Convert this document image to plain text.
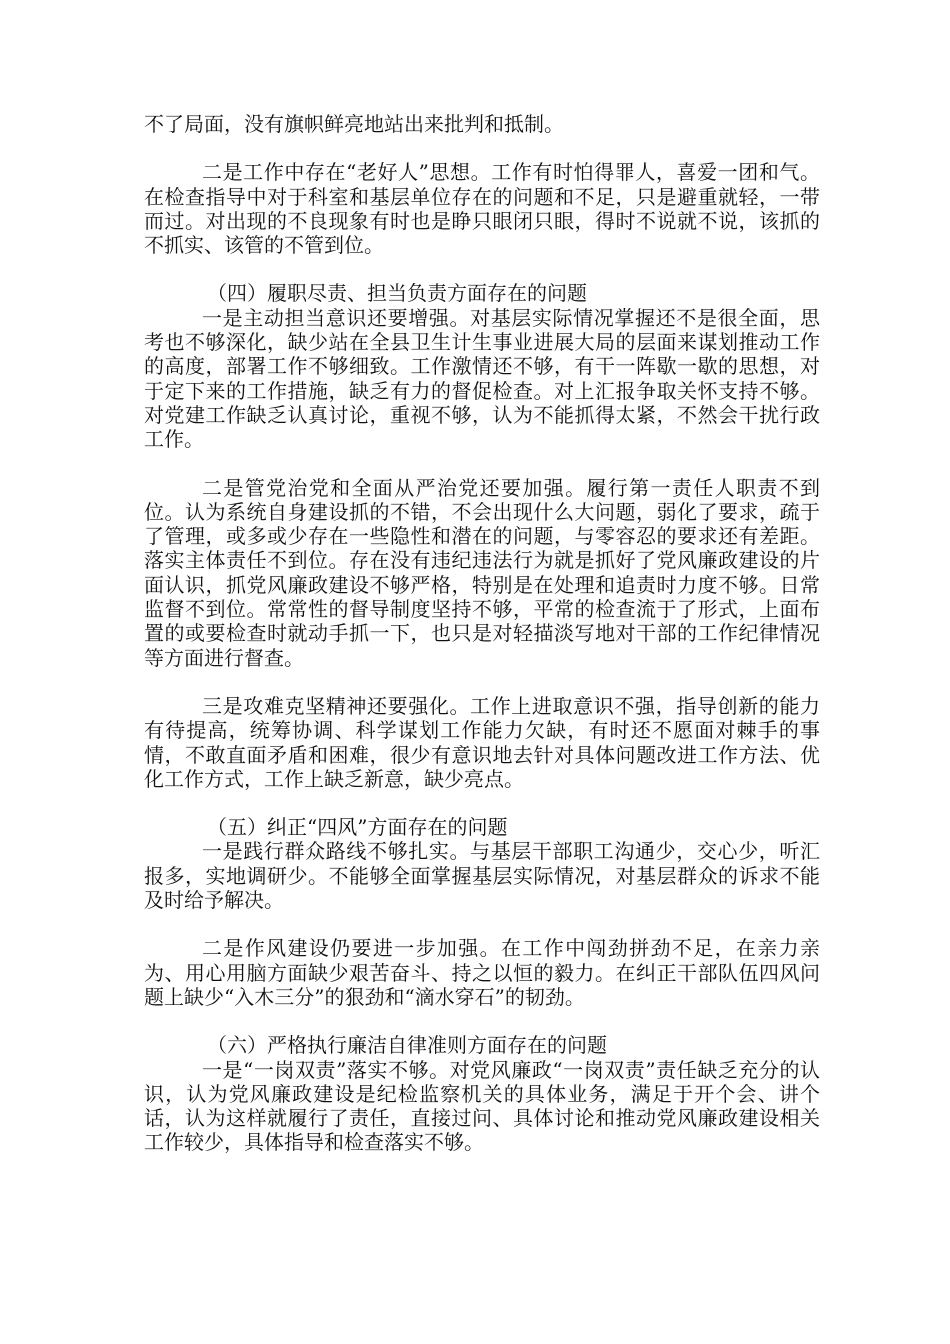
不了局面，没有旗帜鲜亮地站出来批判和抵制。

二是工作中存在“老好人”思想。工作有时怕得罪人，喜爱一团和气。在检查指导中对于科室和基层单位存在的问题和不足，只是避重就轻，一带而过。对出现的不良现象有时也是睁只眼闭只眼，得时不说就不说，该抓的不抓实、该管的不管到位。

（四）履职尽责、担当负责方面存在的问题

一是主动担当意识还要增强。对基层实际情况掌握还不是很全面，思考也不够深化，缺少站在全县卫生计生事业进展大局的层面来谋划推动工作的高度，部署工作不够细致。工作激情还不够，有干一阵歇一歇的思想，对于定下来的工作措施，缺乏有力的督促检查。对上汇报争取关怀支持不够。对党建工作缺乏认真讨论，重视不够，认为不能抓得太紧，不然会干扰行政工作。

二是管党治党和全面从严治党还要加强。履行第一责任人职责不到位。认为系统自身建设抓的不错，不会出现什么大问题，弱化了要求，疏于了管理，或多或少存在一些隐性和潜在的问题，与零容忍的要求还有差距。落实主体责任不到位。存在没有违纪违法行为就是抓好了党风廉政建设的片面认识，抓党风廉政建设不够严格，特别是在处理和追责时力度不够。日常监督不到位。常常性的督导制度坚持不够，平常的检查流于了形式，上面布置的或要检查时就动手抓一下，也只是对轻描淡写地对干部的工作纪律情况等方面进行督查。

三是攻难克坚精神还要强化。工作上进取意识不强，指导创新的能力有待提高，统筹协调、科学谋划工作能力欠缺，有时还不愿面对棘手的事情，不敢直面矛盾和困难，很少有意识地去针对具体问题改进工作方法、优化工作方式，工作上缺乏新意，缺少亮点。

（五）纠正“四风”方面存在的问题

一是践行群众路线不够扎实。与基层干部职工沟通少，交心少，听汇报多，实地调研少。不能够全面掌握基层实际情况，对基层群众的诉求不能及时给予解决。

二是作风建设仍要进一步加强。在工作中闯劲拼劲不足，在亲力亲为、用心用脑方面缺少艰苦奋斗、持之以恒的毅力。在纠正干部队伍四风问题上缺少“入木三分”的狠劲和“滴水穿石”的韧劲。

（六）严格执行廉洁自律准则方面存在的问题

一是“一岗双责”落实不够。对党风廉政“一岗双责”责任缺乏充分的认识，认为党风廉政建设是纪检监察机关的具体业务，满足于开个会、讲个话，认为这样就履行了责任，直接过问、具体讨论和推动党风廉政建设相关工作较少，具体指导和检查落实不够。
